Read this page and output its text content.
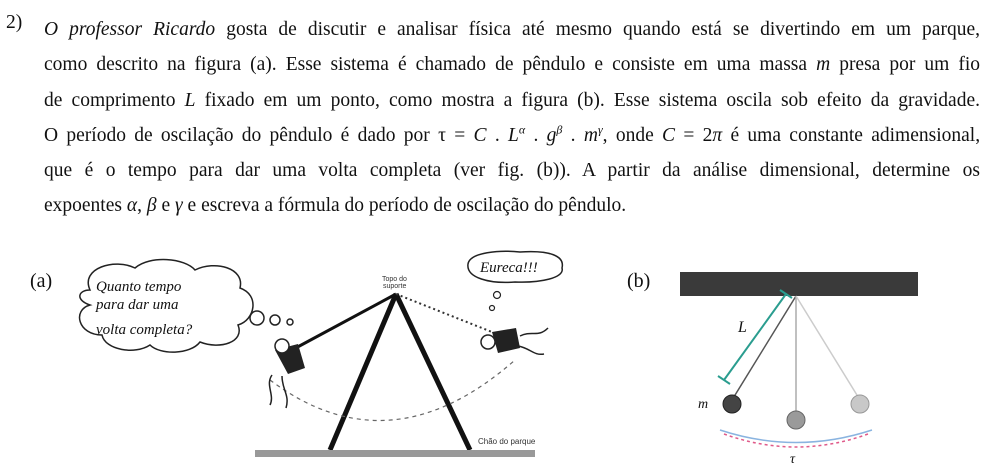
2) O professor Ricardo gosta de discutir e analisar física até mesmo quando está se divertindo em um parque,
como descrito na figura (a). Esse sistema é chamado de pêndulo e consiste em uma massa m presa por um fio
de comprimento L fixado em um ponto, como mostra a figura (b). Esse sistema oscila sob efeito da gravidade.
O período de oscilação do pêndulo é dado por τ = C . $L^\alpha$ . $g^\beta$ . $m^\gamma$, onde C = 2π é uma constante adimensional,
que é o tempo para dar uma volta completa (ver fig. (b)). A partir da análise dimensional, determine os
expoentes α, β e γ e escreva a fórmula do período de oscilação do pêndulo.
(a)	Quanto tempo
para dar uma
volta completa?
Eureca!!!
Topo do
suporte
Chão do parque
(b)
L
m
τ
